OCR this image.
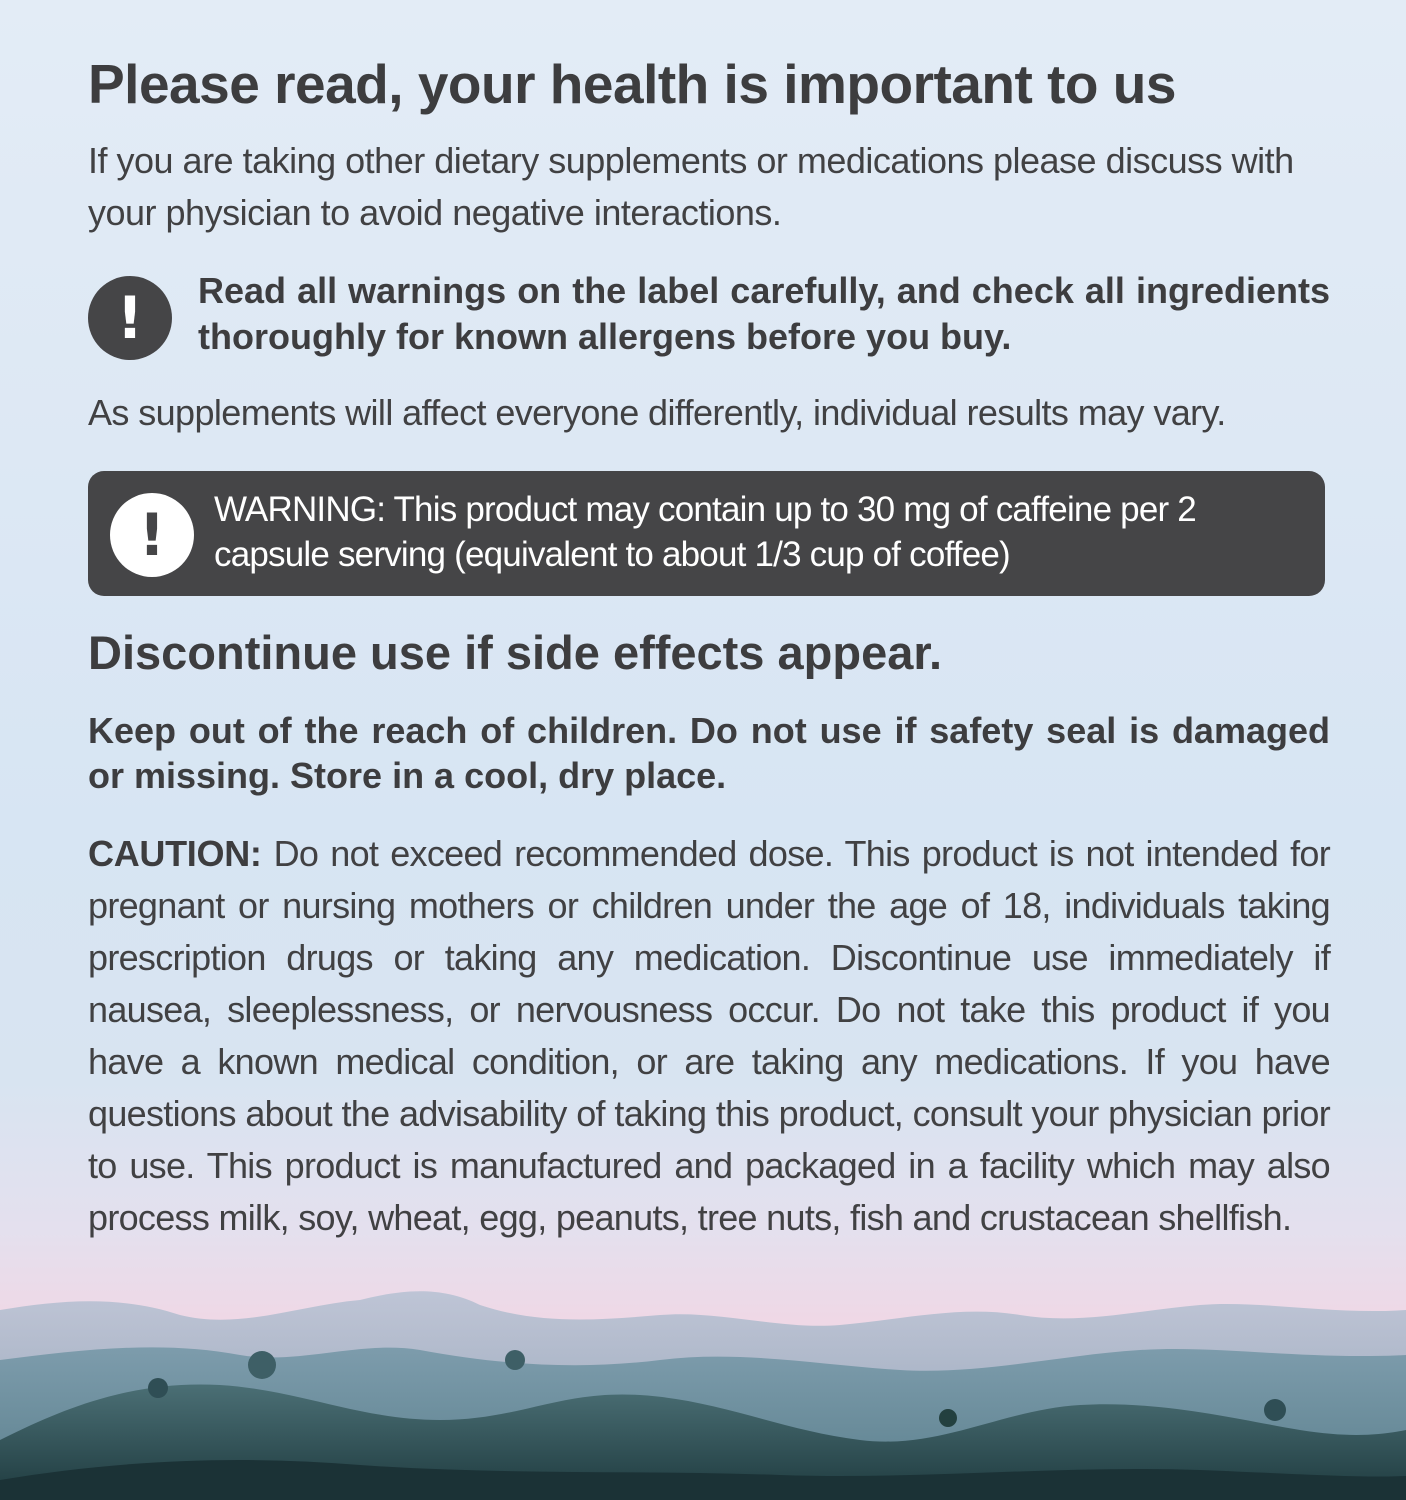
Please read, your health is important to us

If you are taking other dietary supplements or medications please discuss with your physician to avoid negative interactions.

!	Read all warnings on the label carefully, and check all ingredients thoroughly for known allergens before you buy.

As supplements will affect everyone differently, individual results may vary.

!	WARNING: This product may contain up to 30 mg of caffeine per 2 capsule serving (equivalent to about 1/3 cup of coffee)

Discontinue use if side effects appear.

Keep out of the reach of children. Do not use if safety seal is damaged or missing. Store in a cool, dry place.

CAUTION: Do not exceed recommended dose. This product is not intended for pregnant or nursing mothers or children under the age of 18, individuals taking prescription drugs or taking any medication. Discontinue use immediately if nausea, sleeplessness, or nervousness occur. Do not take this product if you have a known medical condition, or are taking any medications. If you have questions about the advisability of taking this product, consult your physician prior to use. This product is manufactured and packaged in a facility which may also process milk, soy, wheat, egg, peanuts, tree nuts, fish and crustacean shellfish.
